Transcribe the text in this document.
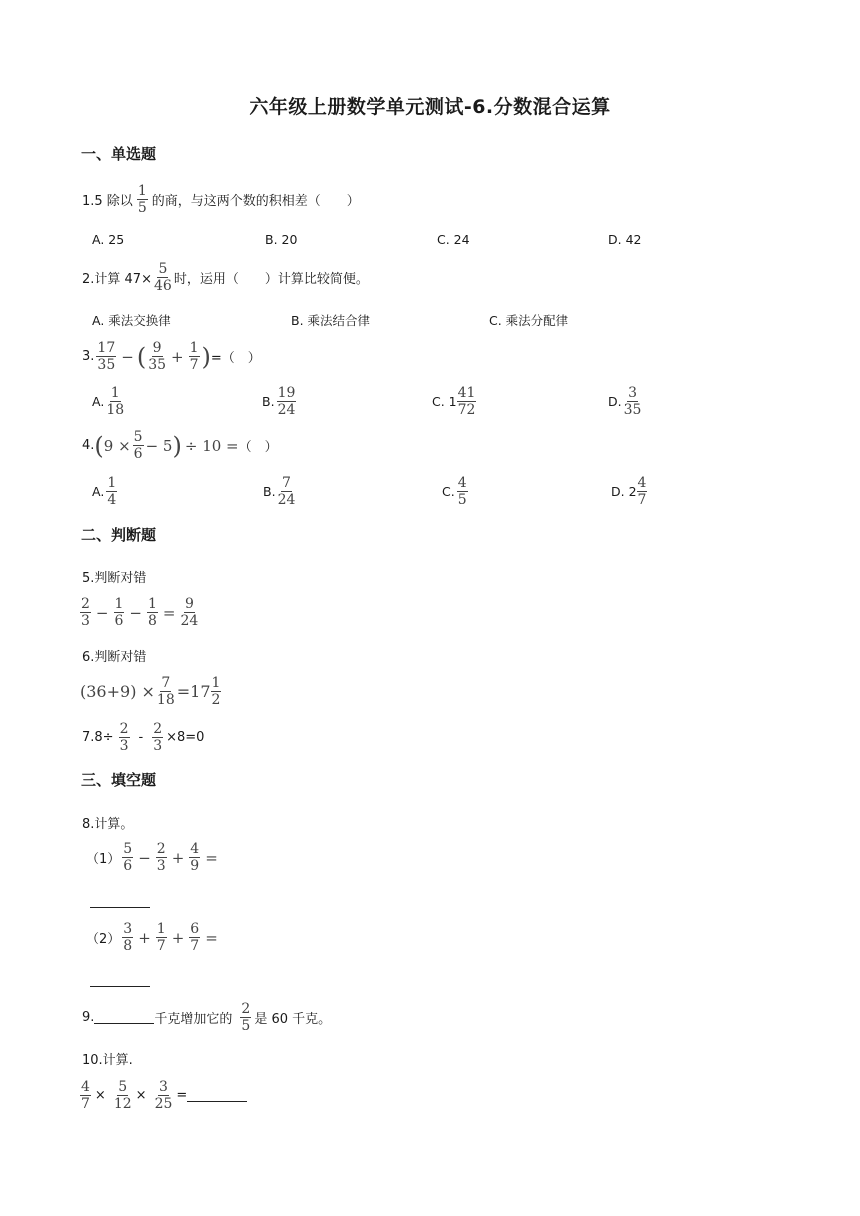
六年级上册数学单元测试-6.分数混合运算
一、单选题
1.5 除以 $\frac{1}{5}$ 的商，与这两个数的积相差（　　）
A. 25	B. 20	C. 24	D. 42
2.计算 $47\times \frac{5}{46}$ 时，运用（　　）计算比较简便。
A. 乘法交换律	B. 乘法结合律	C. 乘法分配律
3. $\frac{17}{35}$ − ( $\frac{9}{35} + \frac{1}{7}$ ) =（　）
A. $\frac{1}{18}$	B. $\frac{19}{24}$	C. $1 \frac{41}{72}$	D. $\frac{3}{35}$
4. ( $9 \times \frac{5}{6} - 5$ ) ÷ 10 = （　）
A. $\frac{1}{4}$	B. $\frac{7}{24}$	C. $\frac{4}{5}$	D. $2 \frac{4}{7}$
二、判断题
5.判断对错
$\frac{2}{3} - \frac{1}{6} - \frac{1}{8} = \frac{9}{24}$
6.判断对错
$(36+9) \times \frac{7}{18} =17 \frac{1}{2}$
$7.8\div \frac{2}{3} - \frac{2}{3} \times 8=0$
三、填空题
8.计算。
$(1) \frac{5}{6} - \frac{2}{3} + \frac{4}{9}$ =
$(2) \frac{3}{8} + \frac{1}{7} + \frac{6}{7}$ =
9.	千克增加它的 $\frac{2}{5}$ 是 60 千克。
10.计算.
$\frac{4}{7} \times \frac{5}{12} \times \frac{3}{25}$ =
